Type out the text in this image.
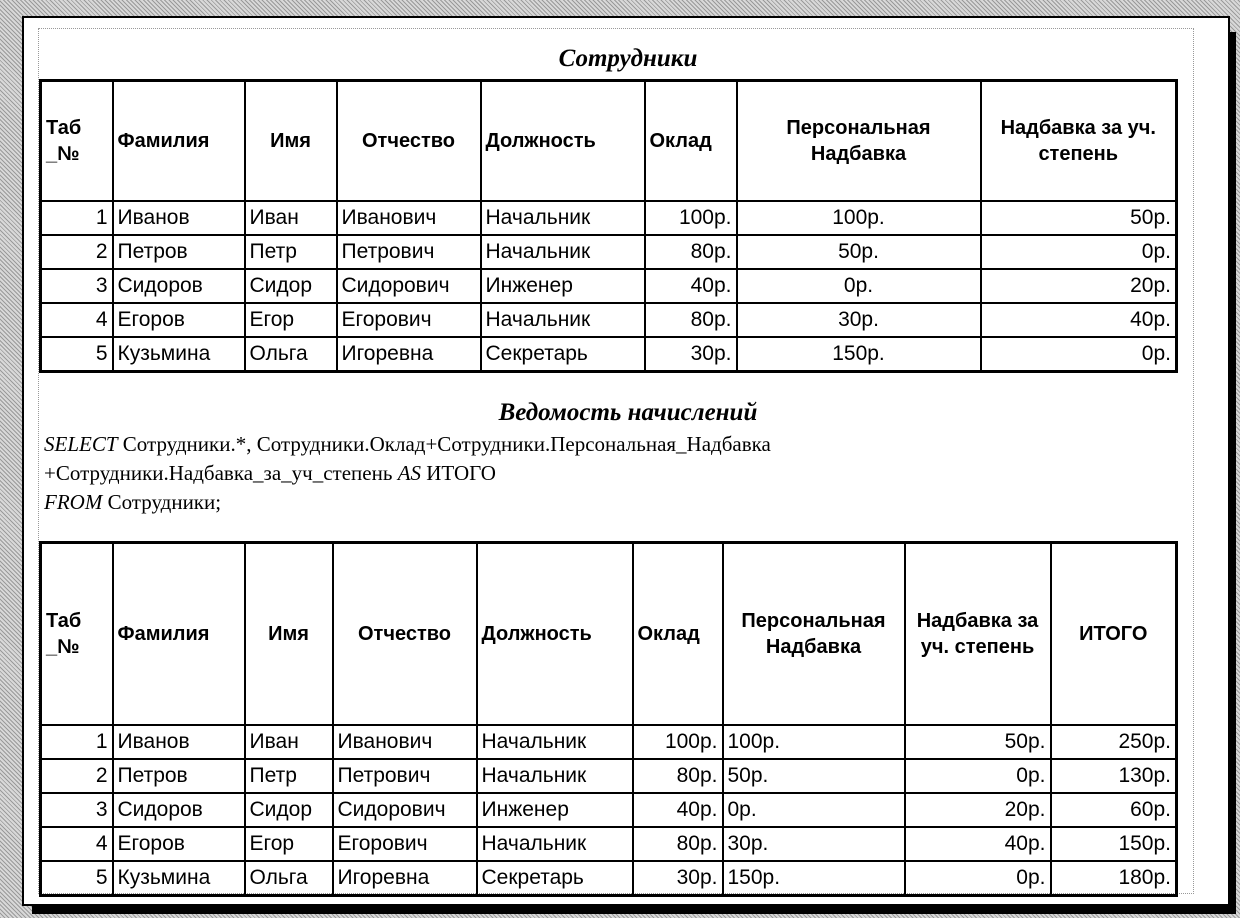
Сотрудники
Таб _№	Фамилия	Имя	Отчество	Должность	Оклад	Персональная Надбавка	Надбавка за уч. степень
1	Иванов	Иван	Иванович	Начальник	100р.	100р.	50р.
2	Петров	Петр	Петрович	Начальник	80р.	50р.	0р.
3	Сидоров	Сидор	Сидорович	Инженер	40р.	0р.	20р.
4	Егоров	Егор	Егорович	Начальник	80р.	30р.	40р.
5	Кузьмина	Ольга	Игоревна	Секретарь	30р.	150р.	0р.
Ведомость начислений
SELECT Сотрудники.*, Сотрудники.Оклад+Сотрудники.Персональная_Надбавка
+Сотрудники.Надбавка_за_уч_степень AS ИТОГО
FROM Сотрудники;
Таб _№	Фамилия	Имя	Отчество	Должность	Оклад	Персональная Надбавка	Надбавка за уч. степень	ИТОГО
1	Иванов	Иван	Иванович	Начальник	100р.	100р.	50р.	250р.
2	Петров	Петр	Петрович	Начальник	80р.	50р.	0р.	130р.
3	Сидоров	Сидор	Сидорович	Инженер	40р.	0р.	20р.	60р.
4	Егоров	Егор	Егорович	Начальник	80р.	30р.	40р.	150р.
5	Кузьмина	Ольга	Игоревна	Секретарь	30р.	150р.	0р.	180р.
